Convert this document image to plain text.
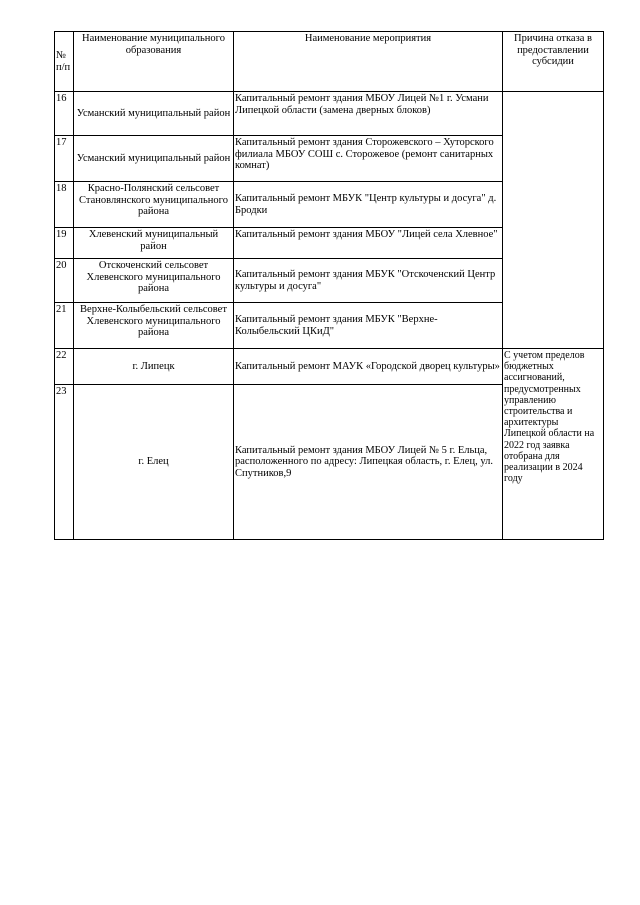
№ п/п	Наименование муниципального образования	Наименование мероприятия	Причина отказа в предоставлении субсидии
16	Усманский муниципальный район	Капитальный ремонт здания МБОУ Лицей №1 г. Усмани Липецкой области (замена дверных блоков)	
17	Усманский муниципальный район	Капитальный ремонт здания Сторожевского – Хуторского филиала МБОУ СОШ с. Сторожевое (ремонт санитарных комнат)	
18	Красно-Полянский сельсовет Становлянского муниципального района	Капитальный ремонт МБУК "Центр культуры и досуга" д. Бродки	
19	Хлевенский муниципальный район	Капитальный ремонт здания МБОУ "Лицей села Хлевное"	
20	Отскоченский сельсовет Хлевенского муниципального района	Капитальный ремонт здания МБУК "Отскоченский Центр культуры и досуга"	
21	Верхне-Колыбельский сельсовет Хлевенского муниципального района	Капитальный ремонт здания МБУК "Верхне-Колыбельский ЦКиД"	
22	г. Липецк	Капитальный ремонт МАУК «Городской дворец культуры»	С учетом пределов бюджетных ассигнований, предусмотренных управлению строительства и архитектуры Липецкой области на 2022 год заявка отобрана для реализации в 2024 году
23	г. Елец	Капитальный ремонт здания МБОУ Лицей № 5 г. Ельца, расположенного по адресу: Липецкая область, г. Елец, ул. Спутников,9	
